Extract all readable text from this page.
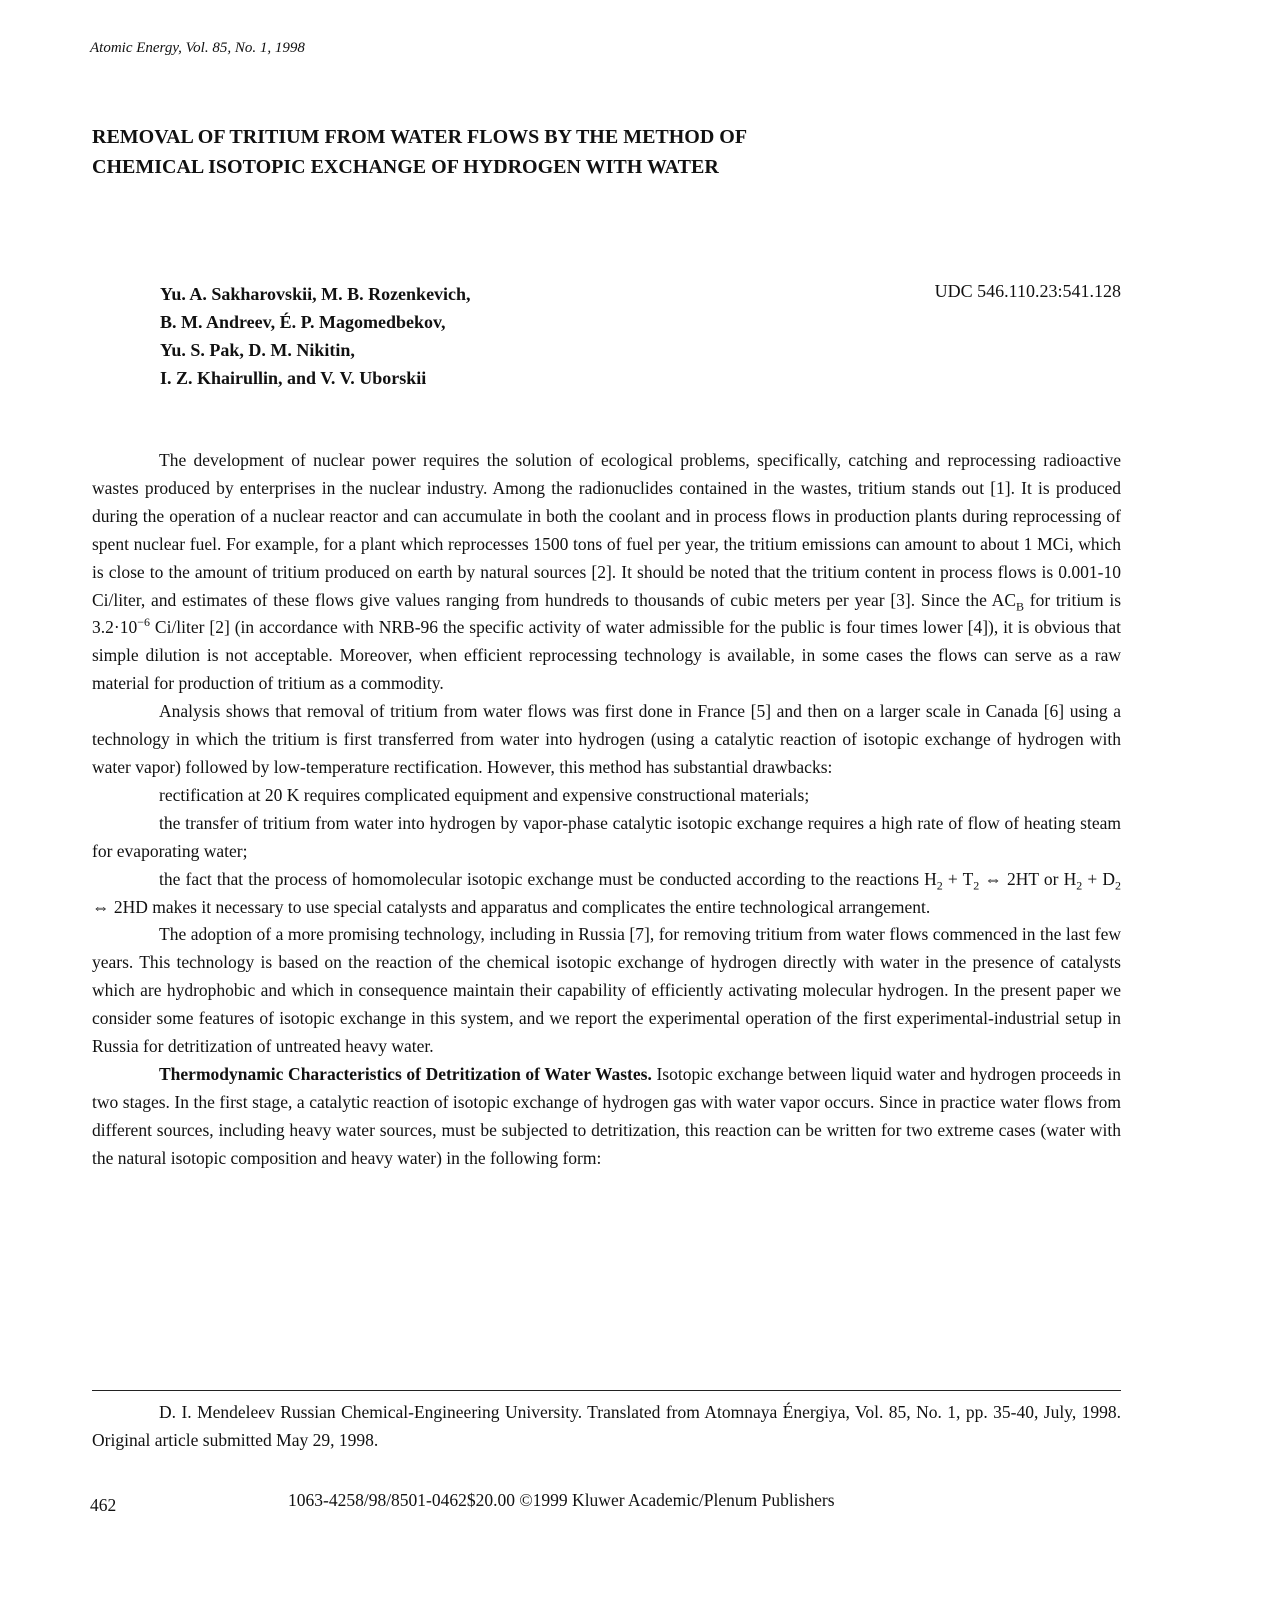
Atomic Energy, Vol. 85, No. 1, 1998
REMOVAL OF TRITIUM FROM WATER FLOWS BY THE METHOD OF
CHEMICAL ISOTOPIC EXCHANGE OF HYDROGEN WITH WATER
Yu. A. Sakharovskii, M. B. Rozenkevich,
B. M. Andreev, É. P. Magomedbekov,
Yu. S. Pak, D. M. Nikitin,
I. Z. Khairullin, and V. V. Uborskii
UDC 546.110.23:541.128

The development of nuclear power requires the solution of ecological problems, specifically, catching and reprocessing radioactive wastes produced by enterprises in the nuclear industry. Among the radionuclides contained in the wastes, tritium stands out [1]. It is produced during the operation of a nuclear reactor and can accumulate in both the coolant and in process flows in production plants during reprocessing of spent nuclear fuel. For example, for a plant which reprocesses 1500 tons of fuel per year, the tritium emissions can amount to about 1 MCi, which is close to the amount of tritium produced on earth by natural sources [2]. It should be noted that the tritium content in process flows is 0.001-10 Ci/liter, and estimates of these flows give values ranging from hundreds to thousands of cubic meters per year [3]. Since the $AC_B$ for tritium is $3.2\cdot 10^{-6}$ Ci/liter [2] (in accordance with NRB-96 the specific activity of water admissible for the public is four times lower [4]), it is obvious that simple dilution is not acceptable. Moreover, when efficient reprocessing technology is available, in some cases the flows can serve as a raw material for production of tritium as a commodity.

Analysis shows that removal of tritium from water flows was first done in France [5] and then on a larger scale in Canada [6] using a technology in which the tritium is first transferred from water into hydrogen (using a catalytic reaction of isotopic exchange of hydrogen with water vapor) followed by low-temperature rectification. However, this method has substantial drawbacks:

rectification at 20 K requires complicated equipment and expensive constructional materials;

the transfer of tritium from water into hydrogen by vapor-phase catalytic isotopic exchange requires a high rate of flow of heating steam for evaporating water;

the fact that the process of homomolecular isotopic exchange must be conducted according to the reactions $H_2 + T_2$ ⇔ 2HT or $H_2 + D_2$ ⇔ 2HD makes it necessary to use special catalysts and apparatus and complicates the entire technological arrangement.

The adoption of a more promising technology, including in Russia [7], for removing tritium from water flows commenced in the last few years. This technology is based on the reaction of the chemical isotopic exchange of hydrogen directly with water in the presence of catalysts which are hydrophobic and which in consequence maintain their capability of efficiently activating molecular hydrogen. In the present paper we consider some features of isotopic exchange in this system, and we report the experimental operation of the first experimental-industrial setup in Russia for detritization of untreated heavy water.

Thermodynamic Characteristics of Detritization of Water Wastes. Isotopic exchange between liquid water and hydrogen proceeds in two stages. In the first stage, a catalytic reaction of isotopic exchange of hydrogen gas with water vapor occurs. Since in practice water flows from different sources, including heavy water sources, must be subjected to detritization, this reaction can be written for two extreme cases (water with the natural isotopic composition and heavy water) in the following form:

D. I. Mendeleev Russian Chemical-Engineering University. Translated from Atomnaya Énergiya, Vol. 85, No. 1, pp. 35-40, July, 1998. Original article submitted May 29, 1998.
462	1063-4258/98/8501-0462$20.00 ©1999 Kluwer Academic/Plenum Publishers
